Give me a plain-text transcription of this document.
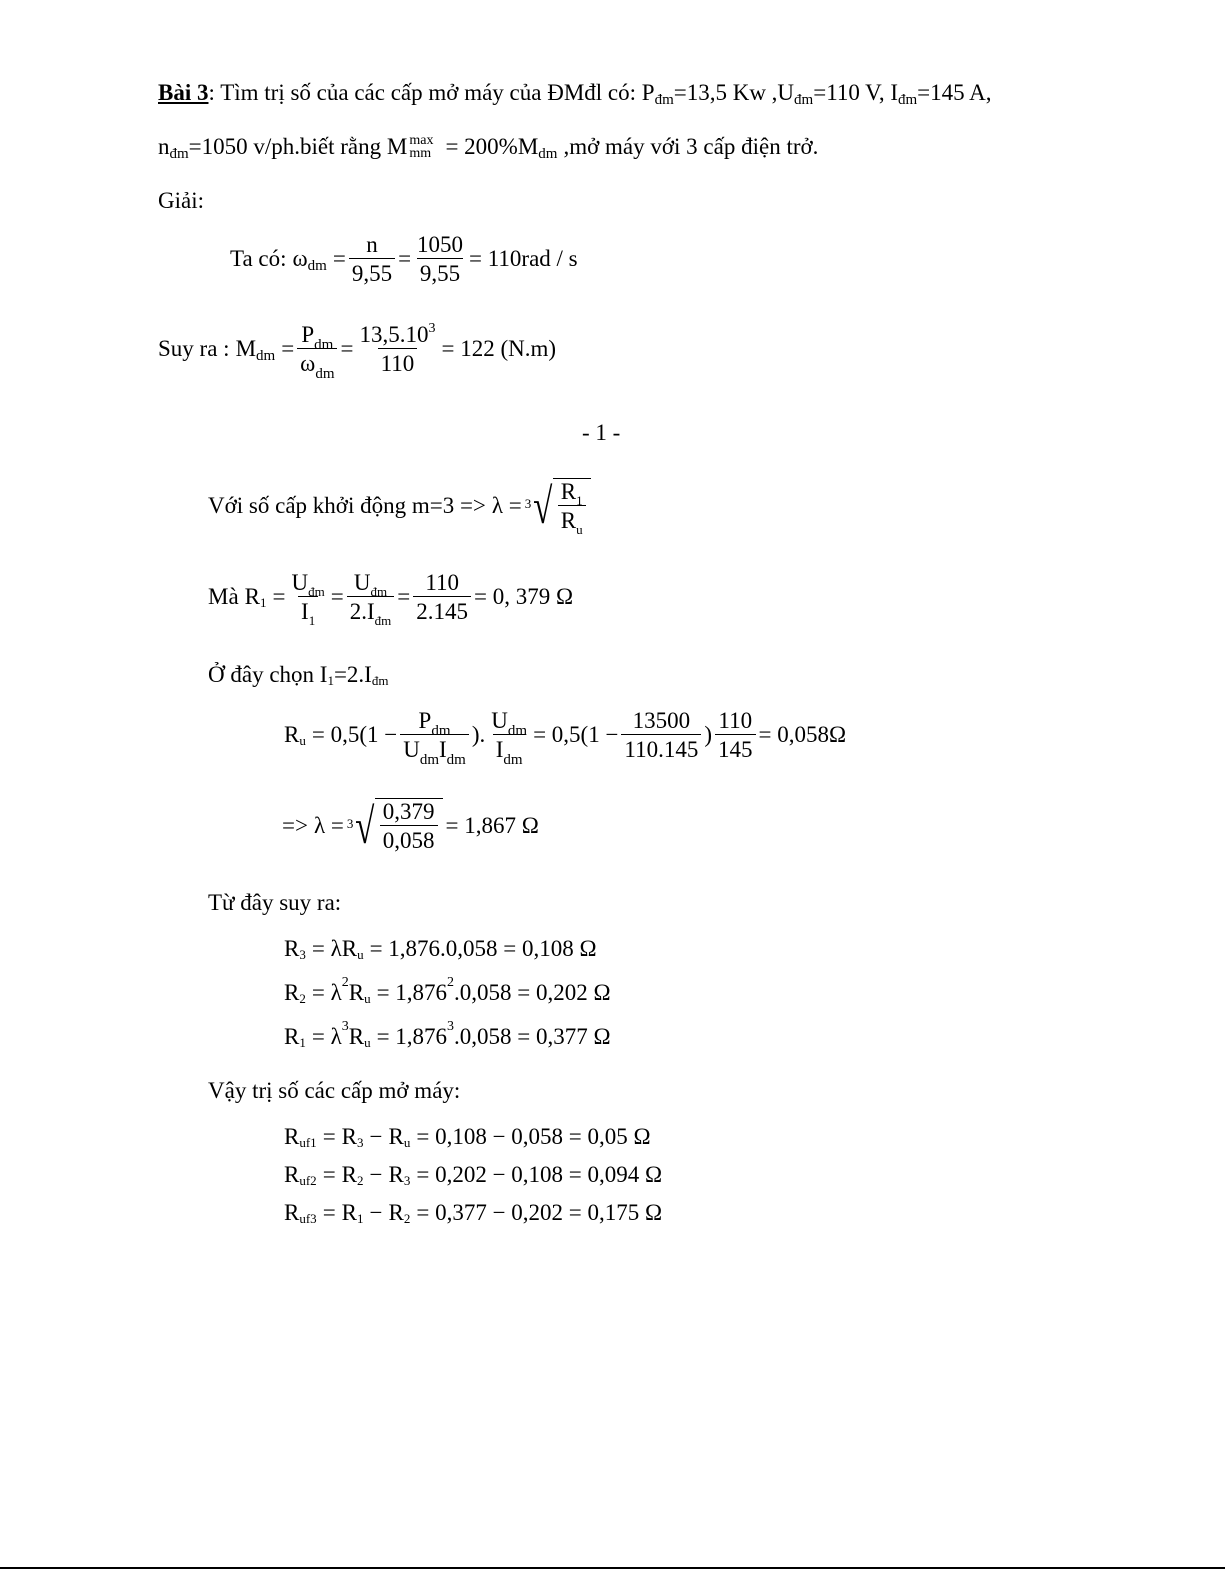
Bài 3 : Tìm trị số của các cấp mở máy của ĐMđl có: P đm =13,5 Kw ,U đm =110 V, I đm =145 A,
n đm =1050 v/ph.biết rằng M max
mm = 200%M dm ,mở máy với 3 cấp điện trở.
Giải:
Ta có: ω dm = $\frac{n}{9,55} = \frac{1050}{9,55} = 110rad / s$
Suy ra : M dm = $\frac{P_{dm}}{\omega_{dm}} = \frac{13,5.10^3}{110} = 122$ (N.m)
- 1 -
Với số cấp khởi động m=3 => λ = 3 √ $\frac{R_1}{R_u}$
Mà R $1 = \frac{U_{đm}}{I_1} = \frac{U_{đm}}{2.I_{đm}} = \frac{110}{2.145} = 0$, 379 Ω
Ở đây chọn I 1 =2.I đm
R $u = 0,5(1 - \frac{P_{dm}}{U_{dm}I_{dm}}$ ). $\frac{U_{dm}}{I_{dm}} = 0,5(1 - \frac{13500}{110.145}$ ) $\frac{110}{145} = 0,058\Omega$
=> λ = 3 √ $\frac{0,379}{0,058} = 1,867$ Ω
Từ đây suy ra:
R 3 = λR u = 1,876.0,058 = 0,108 Ω
R 2 = λ 2 R u = 1,876 2 .0,058 = 0,202 Ω
R 1 = λ 3 R u = 1,876 3 .0,058 = 0,377 Ω
Vậy trị số các cấp mở máy:
R uf1 = R 3 − R u = 0,108 − 0,058 = 0,05 Ω
R uf2 = R 2 − R 3 = 0,202 − 0,108 = 0,094 Ω
R uf3 = R 1 − R 2 = 0,377 − 0,202 = 0,175 Ω
